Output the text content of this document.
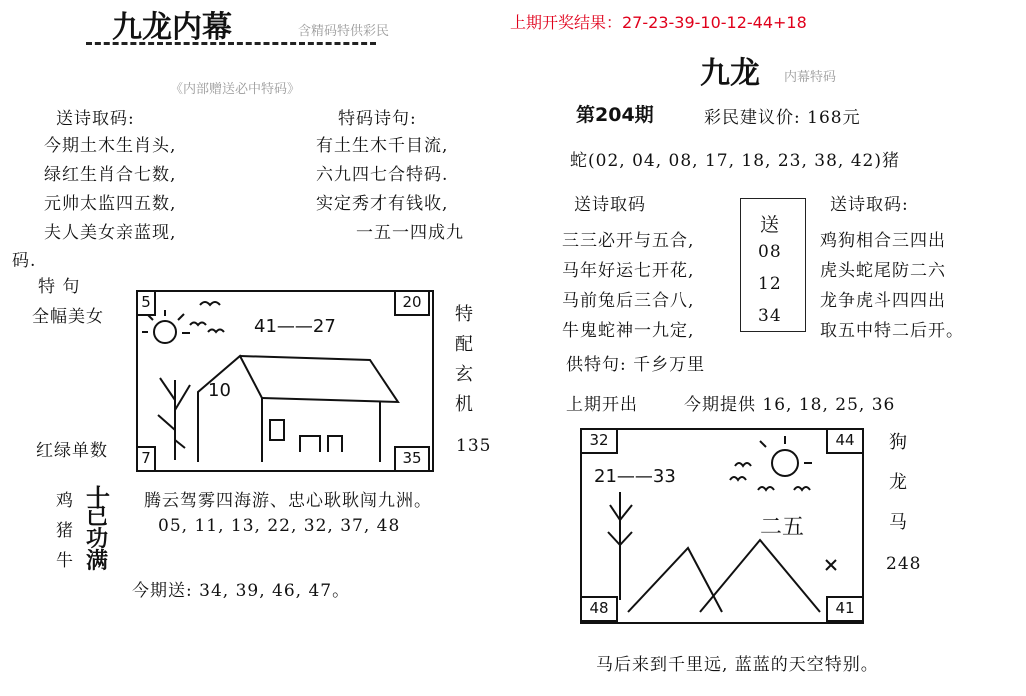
九龙内幕	含精码特供彩民	上期开奖结果：27-23-39-10-12-44+18
《内部赠送必中特码》
送诗取码:
今期土木生肖头,
绿红生肖合七数,
元帅太监四五数,
夫人美女亲蓝现,
码.
特码诗句:
有土生木千目流,
六九四七合特码.
实定秀才有钱收,
一五一四成九
特 句
全幅美女
红绿单数
41——27
10
5	20
7	35
特
配
玄
机
135
鸡
猪
牛
十
已
功
满
腾云驾雾四海游、忠心耿耿闯九洲。
05, 11, 13, 22, 32, 37, 48
今期送: 34, 39, 46, 47。
九龙 内幕特码
第204期	彩民建议价: 168元
蛇(02, 04, 08, 17, 18, 23, 38, 42)猪
送诗取码
三三必开与五合,
马年好运七开花,
马前兔后三合八,
牛鬼蛇神一九定,
送
08
12
34
送诗取码:
鸡狗相合三四出
虎头蛇尾防二六
龙争虎斗四四出
取五中特二后开。
供特句: 千乡万里
上期开出	今期提供 16, 18, 25, 36
21——33
二五
32	44
48	41
狗
龙
马
248
马后来到千里远, 蓝蓝的天空特别。
